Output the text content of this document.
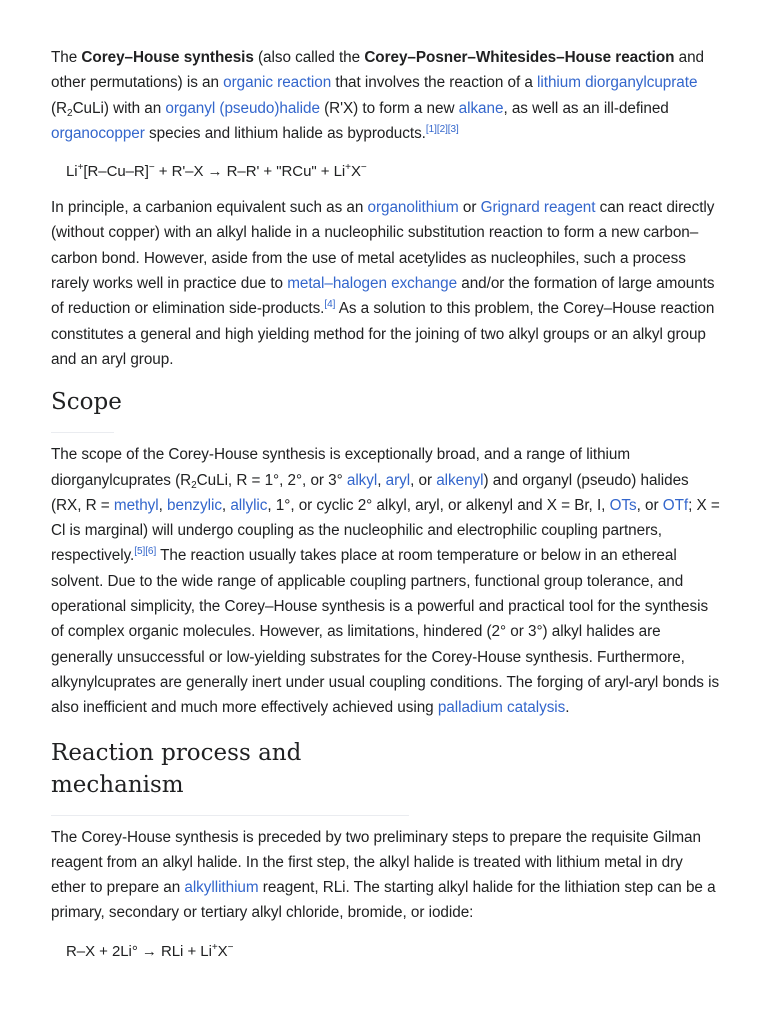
The Corey–House synthesis (also called the Corey–Posner–Whitesides–House reaction and other permutations) is an organic reaction that involves the reaction of a lithium diorganylcuprate $(R_2CuLi)$ with an organyl (pseudo)halide (R'X) to form a new alkane, as well as an ill-defined organocopper species and lithium halide as byproducts.[1][2][3]

Li+[R–Cu–R]− + R'–X → R–R' + "RCu" + Li+X−

In principle, a carbanion equivalent such as an organolithium or Grignard reagent can react directly (without copper) with an alkyl halide in a nucleophilic substitution reaction to form a new carbon–carbon bond. However, aside from the use of metal acetylides as nucleophiles, such a process rarely works well in practice due to metal–halogen exchange and/or the formation of large amounts of reduction or elimination side-products.[4] As a solution to this problem, the Corey–House reaction constitutes a general and high yielding method for the joining of two alkyl groups or an alkyl group and an aryl group.

Scope

The scope of the Corey-House synthesis is exceptionally broad, and a range of lithium diorganylcuprates ($R_2CuLi$, R = 1°, 2°, or 3° alkyl, aryl, or alkenyl) and organyl (pseudo) halides (RX, R = methyl, benzylic, allylic, 1°, or cyclic 2° alkyl, aryl, or alkenyl and X = Br, I, OTs, or OTf; X = Cl is marginal) will undergo coupling as the nucleophilic and electrophilic coupling partners, respectively.[5][6] The reaction usually takes place at room temperature or below in an ethereal solvent. Due to the wide range of applicable coupling partners, functional group tolerance, and operational simplicity, the Corey–House synthesis is a powerful and practical tool for the synthesis of complex organic molecules. However, as limitations, hindered (2° or 3°) alkyl halides are generally unsuccessful or low-yielding substrates for the Corey-House synthesis. Furthermore, alkynylcuprates are generally inert under usual coupling conditions. The forging of aryl-aryl bonds is also inefficient and much more effectively achieved using palladium catalysis.

Reaction process and mechanism

The Corey-House synthesis is preceded by two preliminary steps to prepare the requisite Gilman reagent from an alkyl halide. In the first step, the alkyl halide is treated with lithium metal in dry ether to prepare an alkyllithium reagent, RLi. The starting alkyl halide for the lithiation step can be a primary, secondary or tertiary alkyl chloride, bromide, or iodide:

R–X + 2Li° → RLi + Li+X−
